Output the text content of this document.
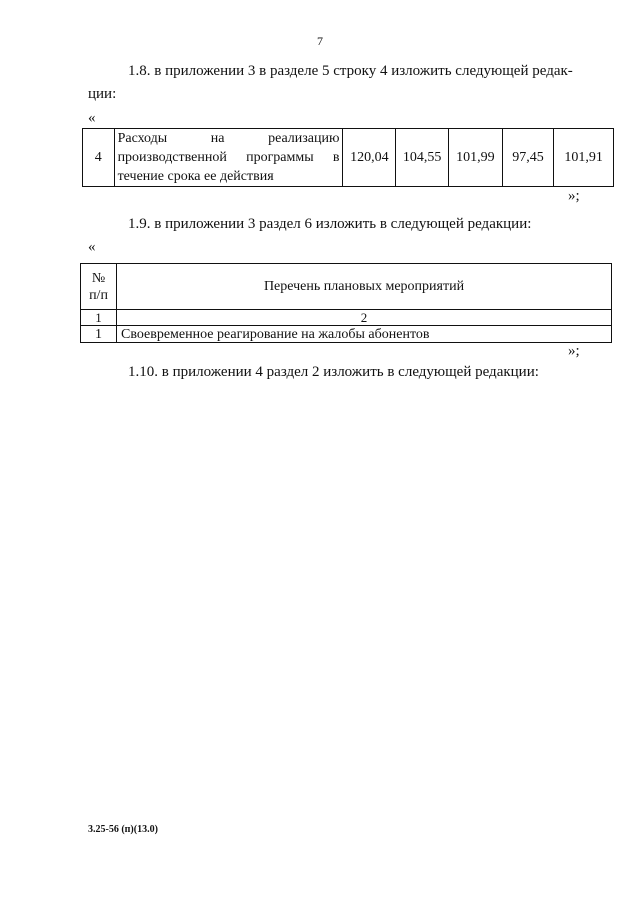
7
1.8. в приложении 3 в разделе 5 строку 4 изложить следующей редак-
ции:
«
4	Расходы на реализацию производственной программы в течение срока ее действия	120,04	104,55	101,99	97,45	101,91
»;
1.9. в приложении 3 раздел 6 изложить в следующей редакции:
«
№
п/п	Перечень плановых мероприятий
1	2
1	Своевременное реагирование на жалобы абонентов
»;
1.10. в приложении 4 раздел 2 изложить в следующей редакции:
3.25-56 (п)(13.0)
